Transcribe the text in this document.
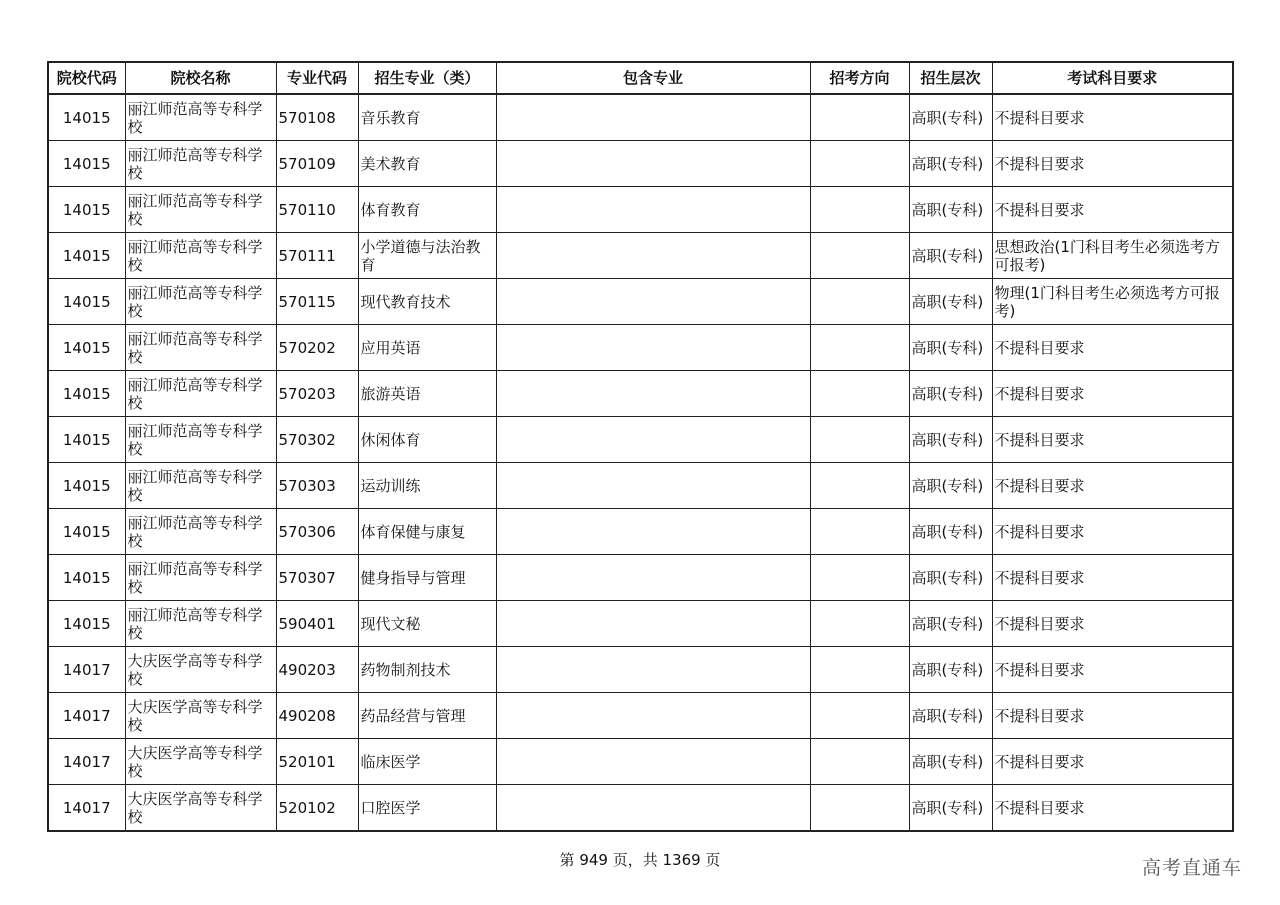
院校代码	院校名称	专业代码	招生专业（类）	包含专业	招考方向	招生层次	考试科目要求
14015	丽江师范高等专科学校	570108	音乐教育			高职(专科)	不提科目要求
14015	丽江师范高等专科学校	570109	美术教育			高职(专科)	不提科目要求
14015	丽江师范高等专科学校	570110	体育教育			高职(专科)	不提科目要求
14015	丽江师范高等专科学校	570111	小学道德与法治教育			高职(专科)	思想政治(1门科目考生必须选考方可报考)
14015	丽江师范高等专科学校	570115	现代教育技术			高职(专科)	物理(1门科目考生必须选考方可报考)
14015	丽江师范高等专科学校	570202	应用英语			高职(专科)	不提科目要求
14015	丽江师范高等专科学校	570203	旅游英语			高职(专科)	不提科目要求
14015	丽江师范高等专科学校	570302	休闲体育			高职(专科)	不提科目要求
14015	丽江师范高等专科学校	570303	运动训练			高职(专科)	不提科目要求
14015	丽江师范高等专科学校	570306	体育保健与康复			高职(专科)	不提科目要求
14015	丽江师范高等专科学校	570307	健身指导与管理			高职(专科)	不提科目要求
14015	丽江师范高等专科学校	590401	现代文秘			高职(专科)	不提科目要求
14017	大庆医学高等专科学校	490203	药物制剂技术			高职(专科)	不提科目要求
14017	大庆医学高等专科学校	490208	药品经营与管理			高职(专科)	不提科目要求
14017	大庆医学高等专科学校	520101	临床医学			高职(专科)	不提科目要求
14017	大庆医学高等专科学校	520102	口腔医学			高职(专科)	不提科目要求
第 949 页，共 1369 页	高考直通车
